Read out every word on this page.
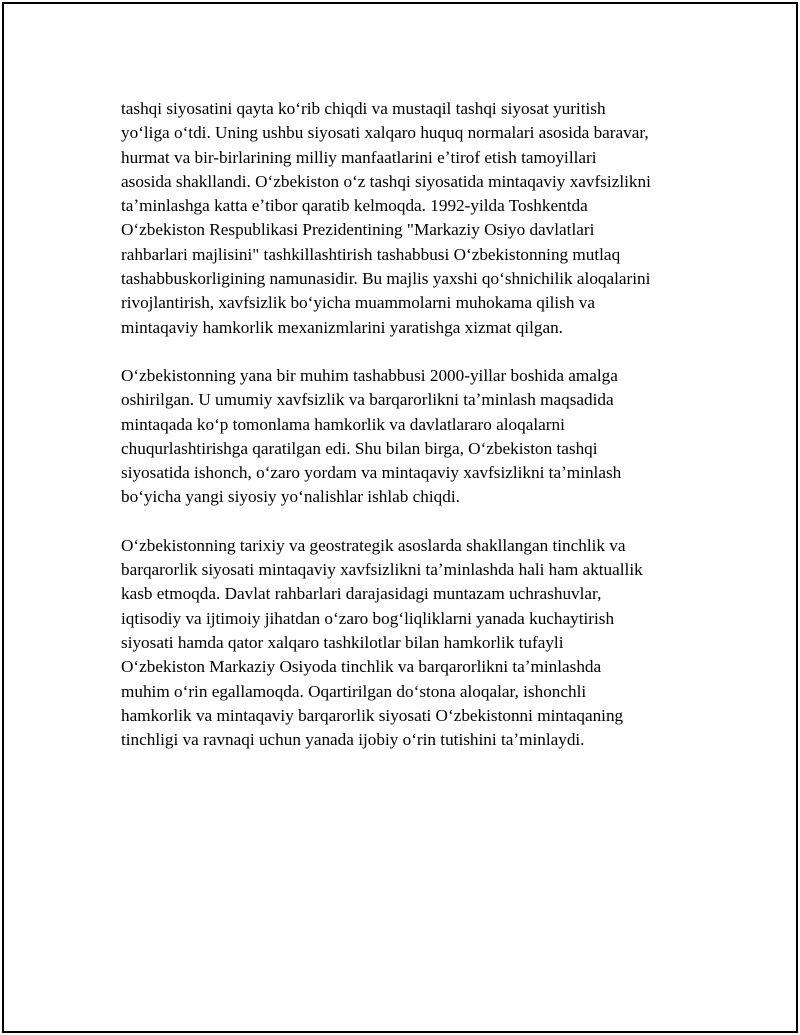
tashqi siyosatini qayta koʻrib chiqdi va mustaqil tashqi siyosat yuritish
yoʻliga oʻtdi. Uning ushbu siyosati xalqaro huquq normalari asosida baravar,
hurmat va bir-birlarining milliy manfaatlarini eʼtirof etish tamoyillari
asosida shakllandi. Oʻzbekiston oʻz tashqi siyosatida mintaqaviy xavfsizlikni
taʼminlashga katta eʼtibor qaratib kelmoqda. 1992-yilda Toshkentda
Oʻzbekiston Respublikasi Prezidentining "Markaziy Osiyo davlatlari
rahbarlari majlisini" tashkillashtirish tashabbusi Oʻzbekistonning mutlaq
tashabbuskorligining namunasidir. Bu majlis yaxshi qoʻshnichilik aloqalarini
rivojlantirish, xavfsizlik boʻyicha muammolarni muhokama qilish va
mintaqaviy hamkorlik mexanizmlarini yaratishga xizmat qilgan.

Oʻzbekistonning yana bir muhim tashabbusi 2000-yillar boshida amalga
oshirilgan. U umumiy xavfsizlik va barqarorlikni taʼminlash maqsadida
mintaqada koʻp tomonlama hamkorlik va davlatlararo aloqalarni
chuqurlashtirishga qaratilgan edi. Shu bilan birga, Oʻzbekiston tashqi
siyosatida ishonch, oʻzaro yordam va mintaqaviy xavfsizlikni taʼminlash
boʻyicha yangi siyosiy yoʻnalishlar ishlab chiqdi.

Oʻzbekistonning tarixiy va geostrategik asoslarda shakllangan tinchlik va
barqarorlik siyosati mintaqaviy xavfsizlikni taʼminlashda hali ham aktuallik
kasb etmoqda. Davlat rahbarlari darajasidagi muntazam uchrashuvlar,
iqtisodiy va ijtimoiy jihatdan oʻzaro bogʻliqliklarni yanada kuchaytirish
siyosati hamda qator xalqaro tashkilotlar bilan hamkorlik tufayli
Oʻzbekiston Markaziy Osiyoda tinchlik va barqarorlikni taʼminlashda
muhim oʻrin egallamoqda. Oqartirilgan doʻstona aloqalar, ishonchli
hamkorlik va mintaqaviy barqarorlik siyosati Oʻzbekistonni mintaqaning
tinchligi va ravnaqi uchun yanada ijobiy oʻrin tutishini taʼminlaydi.
